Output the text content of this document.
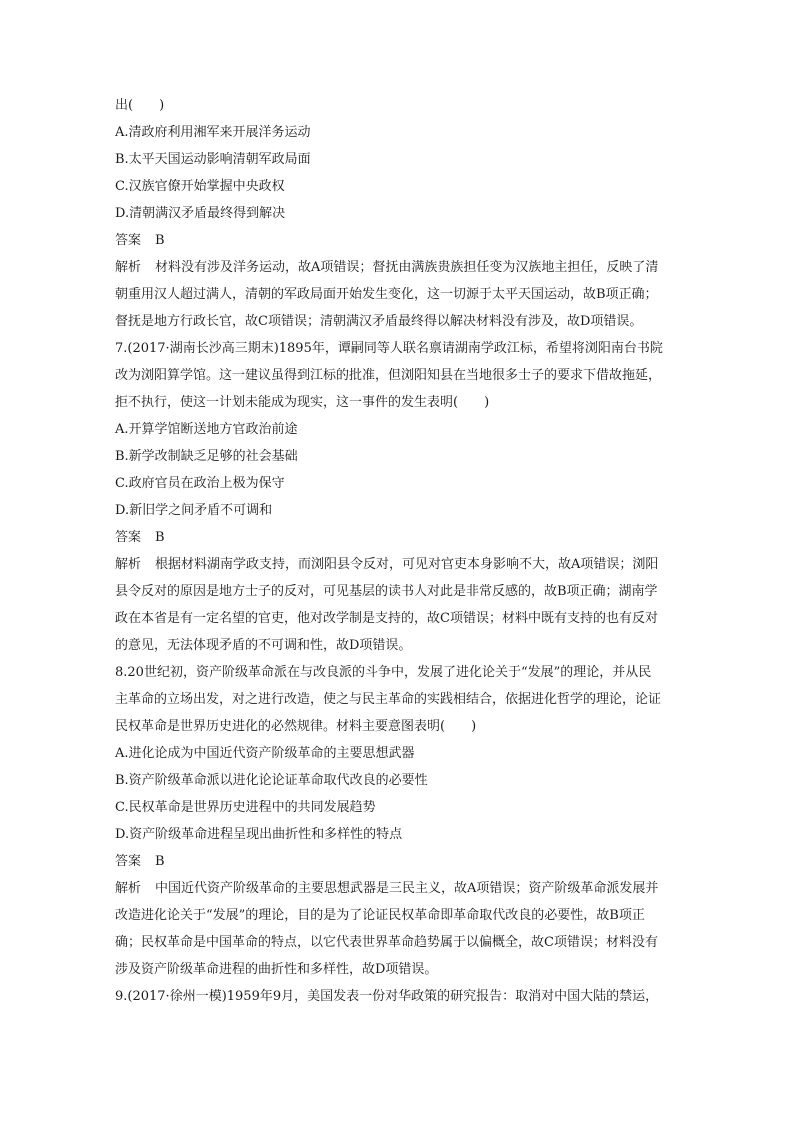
出(　　)
A.清政府利用湘军来开展洋务运动
B.太平天国运动影响清朝军政局面
C.汉族官僚开始掌握中央政权
D.清朝满汉矛盾最终得到解决
答案 B
解析 材料没有涉及洋务运动，故A项错误；督抚由满族贵族担任变为汉族地主担任，反映了清
朝重用汉人超过满人，清朝的军政局面开始发生变化，这一切源于太平天国运动，故B项正确；
督抚是地方行政长官，故C项错误；清朝满汉矛盾最终得以解决材料没有涉及，故D项错误。
7.(2017·湖南长沙高三期末)1895年，谭嗣同等人联名禀请湖南学政江标，希望将浏阳南台书院
改为浏阳算学馆。这一建议虽得到江标的批准，但浏阳知县在当地很多士子的要求下借故拖延，
拒不执行，使这一计划未能成为现实，这一事件的发生表明(　　)
A.开算学馆断送地方官政治前途
B.新学改制缺乏足够的社会基础
C.政府官员在政治上极为保守
D.新旧学之间矛盾不可调和
答案 B
解析 根据材料湖南学政支持，而浏阳县令反对，可见对官吏本身影响不大，故A项错误；浏阳
县令反对的原因是地方士子的反对，可见基层的读书人对此是非常反感的，故B项正确；湖南学
政在本省是有一定名望的官吏，他对改学制是支持的，故C项错误；材料中既有支持的也有反对
的意见，无法体现矛盾的不可调和性，故D项错误。
8.20世纪初，资产阶级革命派在与改良派的斗争中，发展了进化论关于“发展”的理论，并从民
主革命的立场出发，对之进行改造，使之与民主革命的实践相结合，依据进化哲学的理论，论证
民权革命是世界历史进化的必然规律。材料主要意图表明(　　)
A.进化论成为中国近代资产阶级革命的主要思想武器
B.资产阶级革命派以进化论论证革命取代改良的必要性
C.民权革命是世界历史进程中的共同发展趋势
D.资产阶级革命进程呈现出曲折性和多样性的特点
答案 B
解析 中国近代资产阶级革命的主要思想武器是三民主义，故A项错误；资产阶级革命派发展并
改造进化论关于“发展”的理论，目的是为了论证民权革命即革命取代改良的必要性，故B项正
确；民权革命是中国革命的特点，以它代表世界革命趋势属于以偏概全，故C项错误；材料没有
涉及资产阶级革命进程的曲折性和多样性，故D项错误。
9.(2017·徐州一模)1959年9月，美国发表一份对华政策的研究报告：取消对中国大陆的禁运，
